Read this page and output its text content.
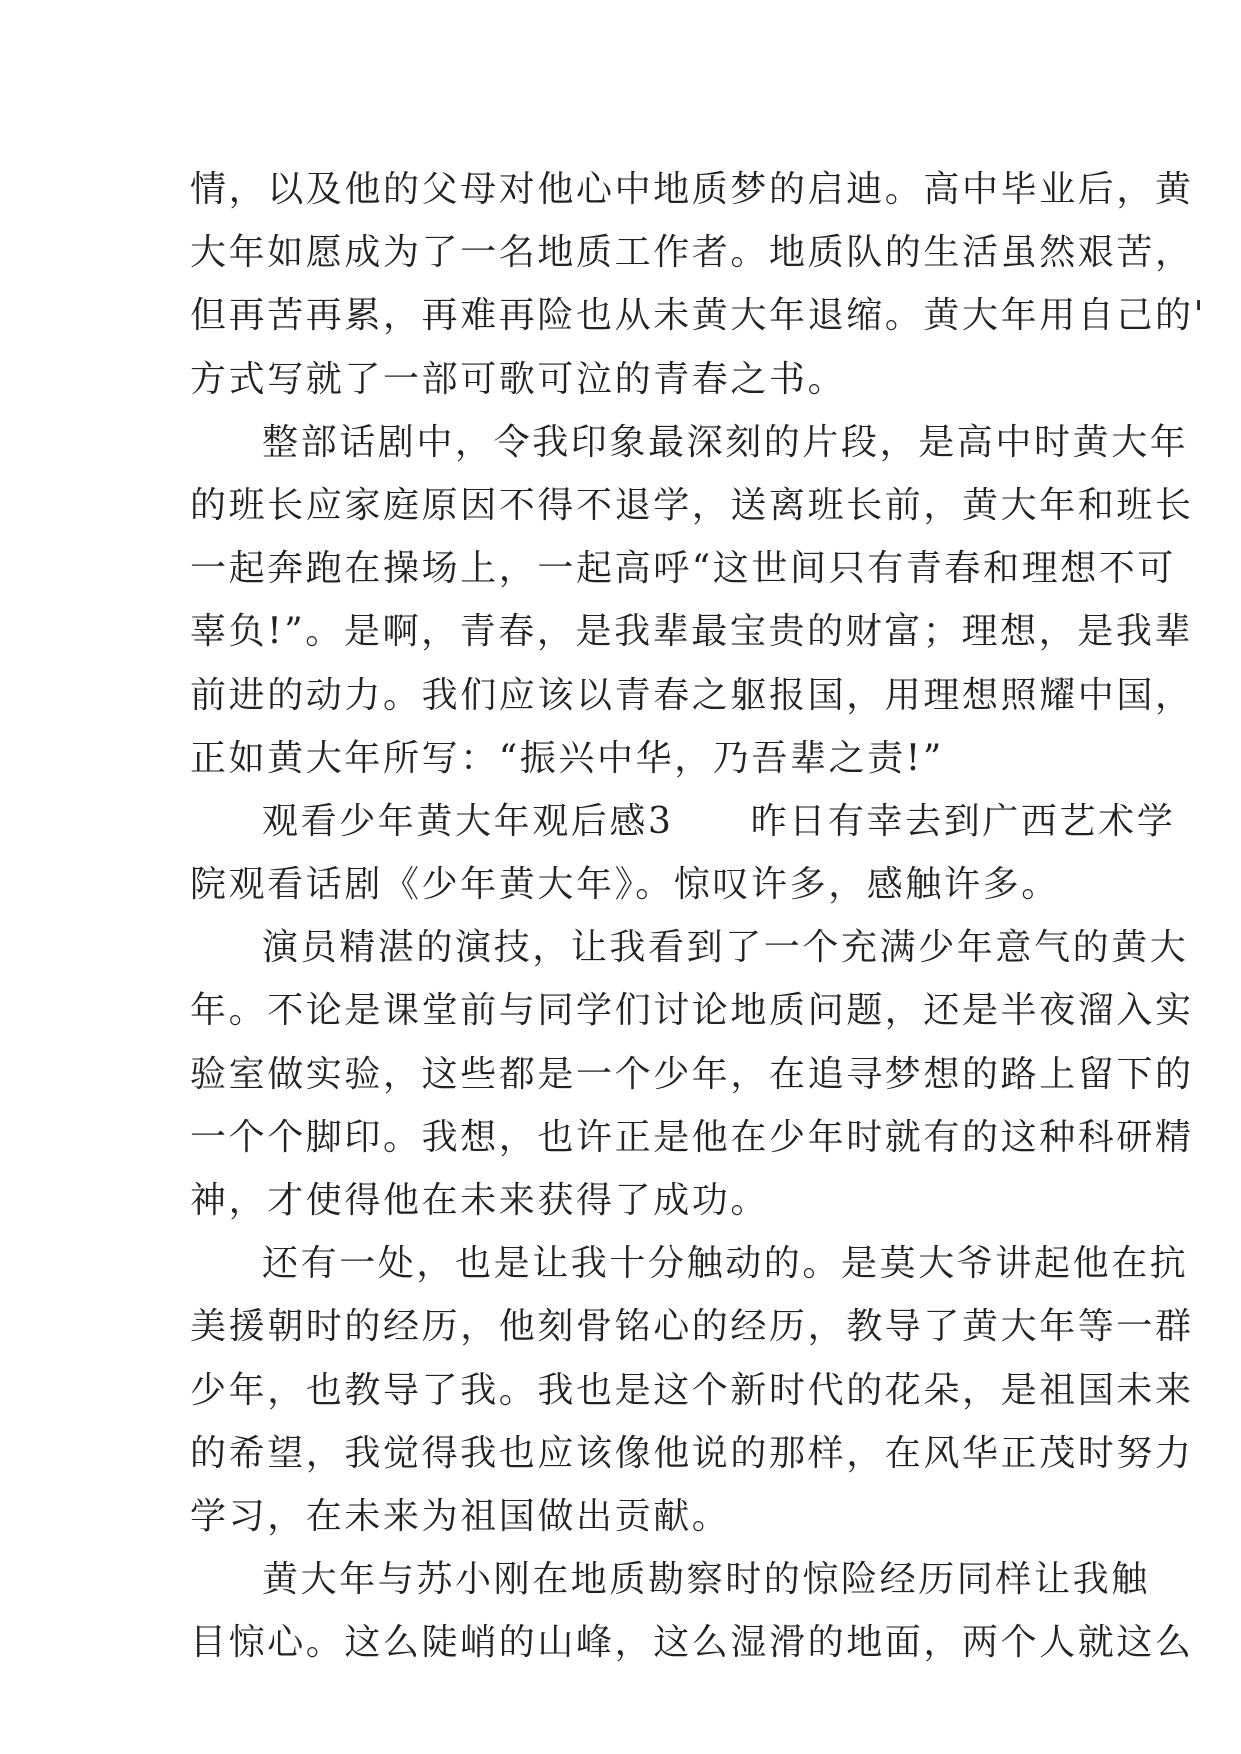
情，以及他的父母对他心中地质梦的启迪。高中毕业后，黄
大年如愿成为了一名地质工作者。地质队的生活虽然艰苦，
但再苦再累，再难再险也从未黄大年退缩。黄大年用自己的'
方式写就了一部可歌可泣的青春之书。
整部话剧中，令我印象最深刻的片段，是高中时黄大年
的班长应家庭原因不得不退学，送离班长前，黄大年和班长
一起奔跑在操场上，一起高呼“这世间只有青春和理想不可
辜负!”。是啊，青春，是我辈最宝贵的财富；理想，是我辈
前进的动力。我们应该以青春之躯报国，用理想照耀中国，
正如黄大年所写：“振兴中华，乃吾辈之责!”
观看少年黄大年观后感3　　昨日有幸去到广西艺术学
院观看话剧《少年黄大年》。惊叹许多，感触许多。
演员精湛的演技，让我看到了一个充满少年意气的黄大
年。不论是课堂前与同学们讨论地质问题，还是半夜溜入实
验室做实验，这些都是一个少年，在追寻梦想的路上留下的
一个个脚印。我想，也许正是他在少年时就有的这种科研精
神，才使得他在未来获得了成功。
还有一处，也是让我十分触动的。是莫大爷讲起他在抗
美援朝时的经历，他刻骨铭心的经历，教导了黄大年等一群
少年，也教导了我。我也是这个新时代的花朵，是祖国未来
的希望，我觉得我也应该像他说的那样，在风华正茂时努力
学习，在未来为祖国做出贡献。
黄大年与苏小刚在地质勘察时的惊险经历同样让我触
目惊心。这么陡峭的山峰，这么湿滑的地面，两个人就这么
